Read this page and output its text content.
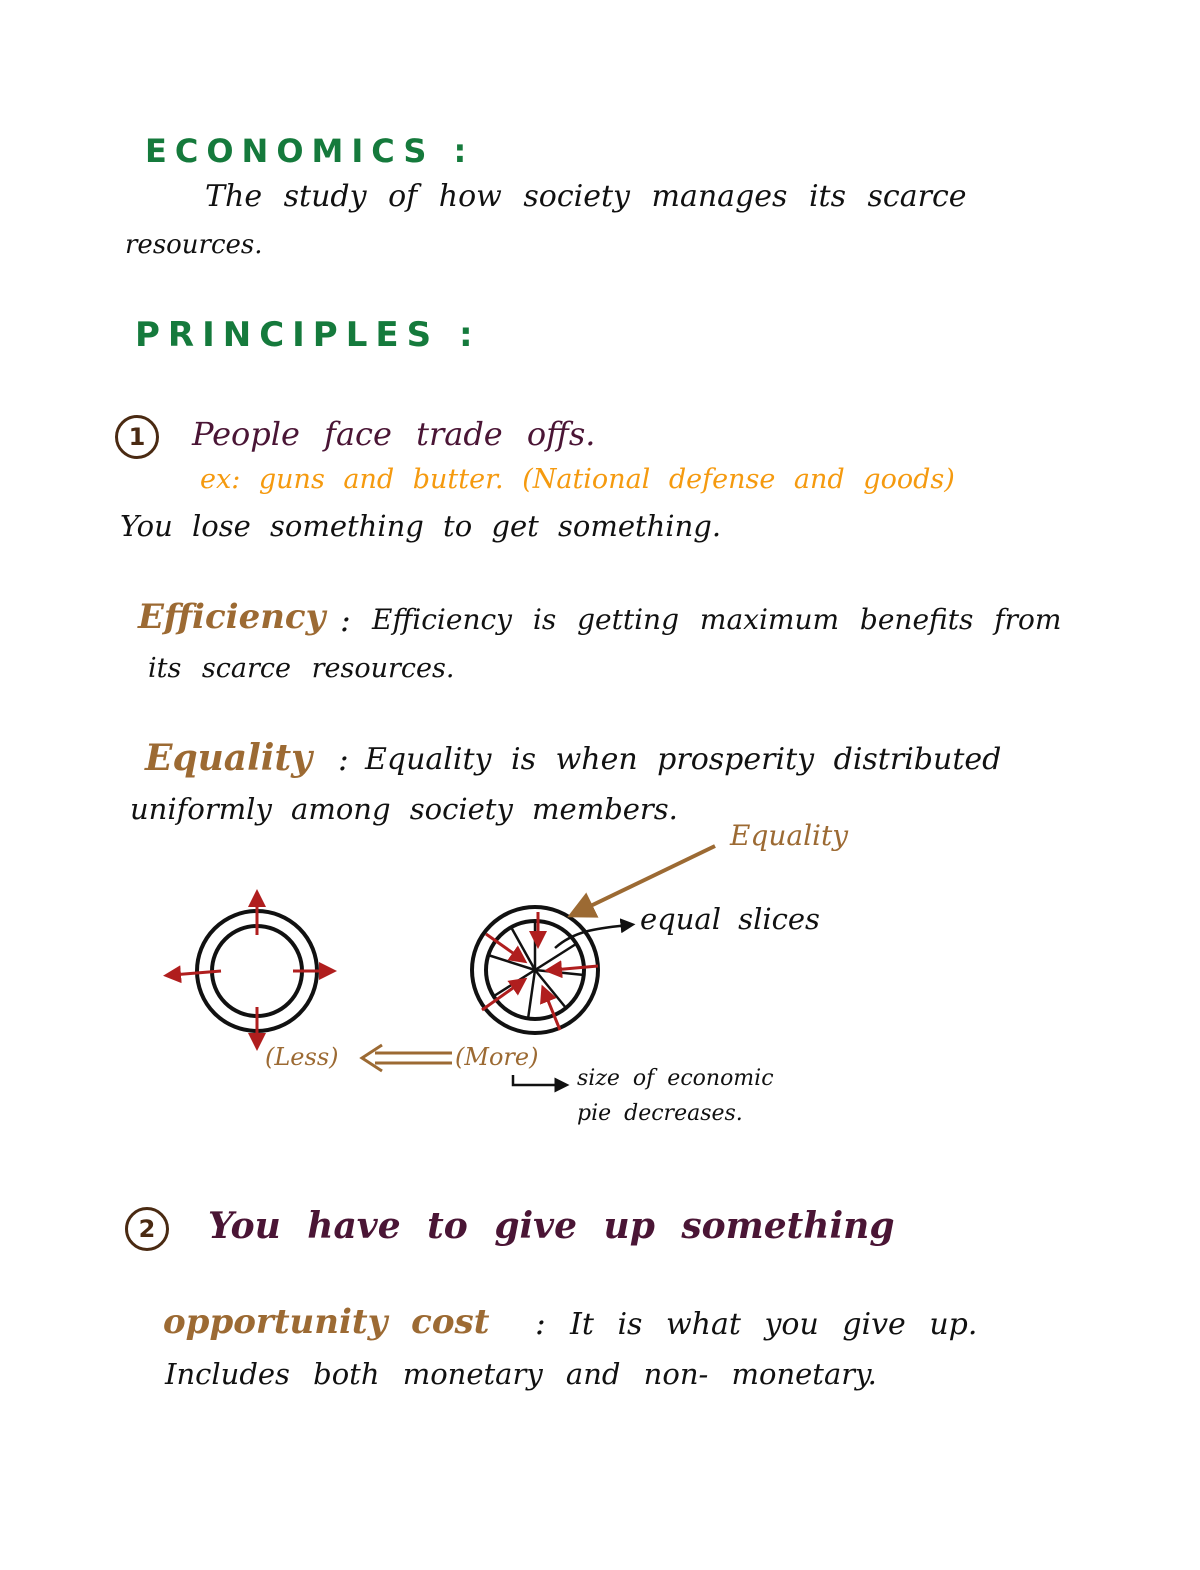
ECONOMICS :
The study of how society manages its scarce
resources.
PRINCIPLES :
1	People face trade offs.
ex: guns and butter. (National defense and goods)
You lose something to get something.
Efficiency : Efficiency is getting maximum benefits from
its scarce resources.
Equality : Equality is when prosperity distributed
uniformly among society members.
Equality
equal slices
(Less)	(More)
size of economic
pie decreases.
2	You have to give up something
opportunity cost : It is what you give up.
Includes both monetary and non- monetary.
